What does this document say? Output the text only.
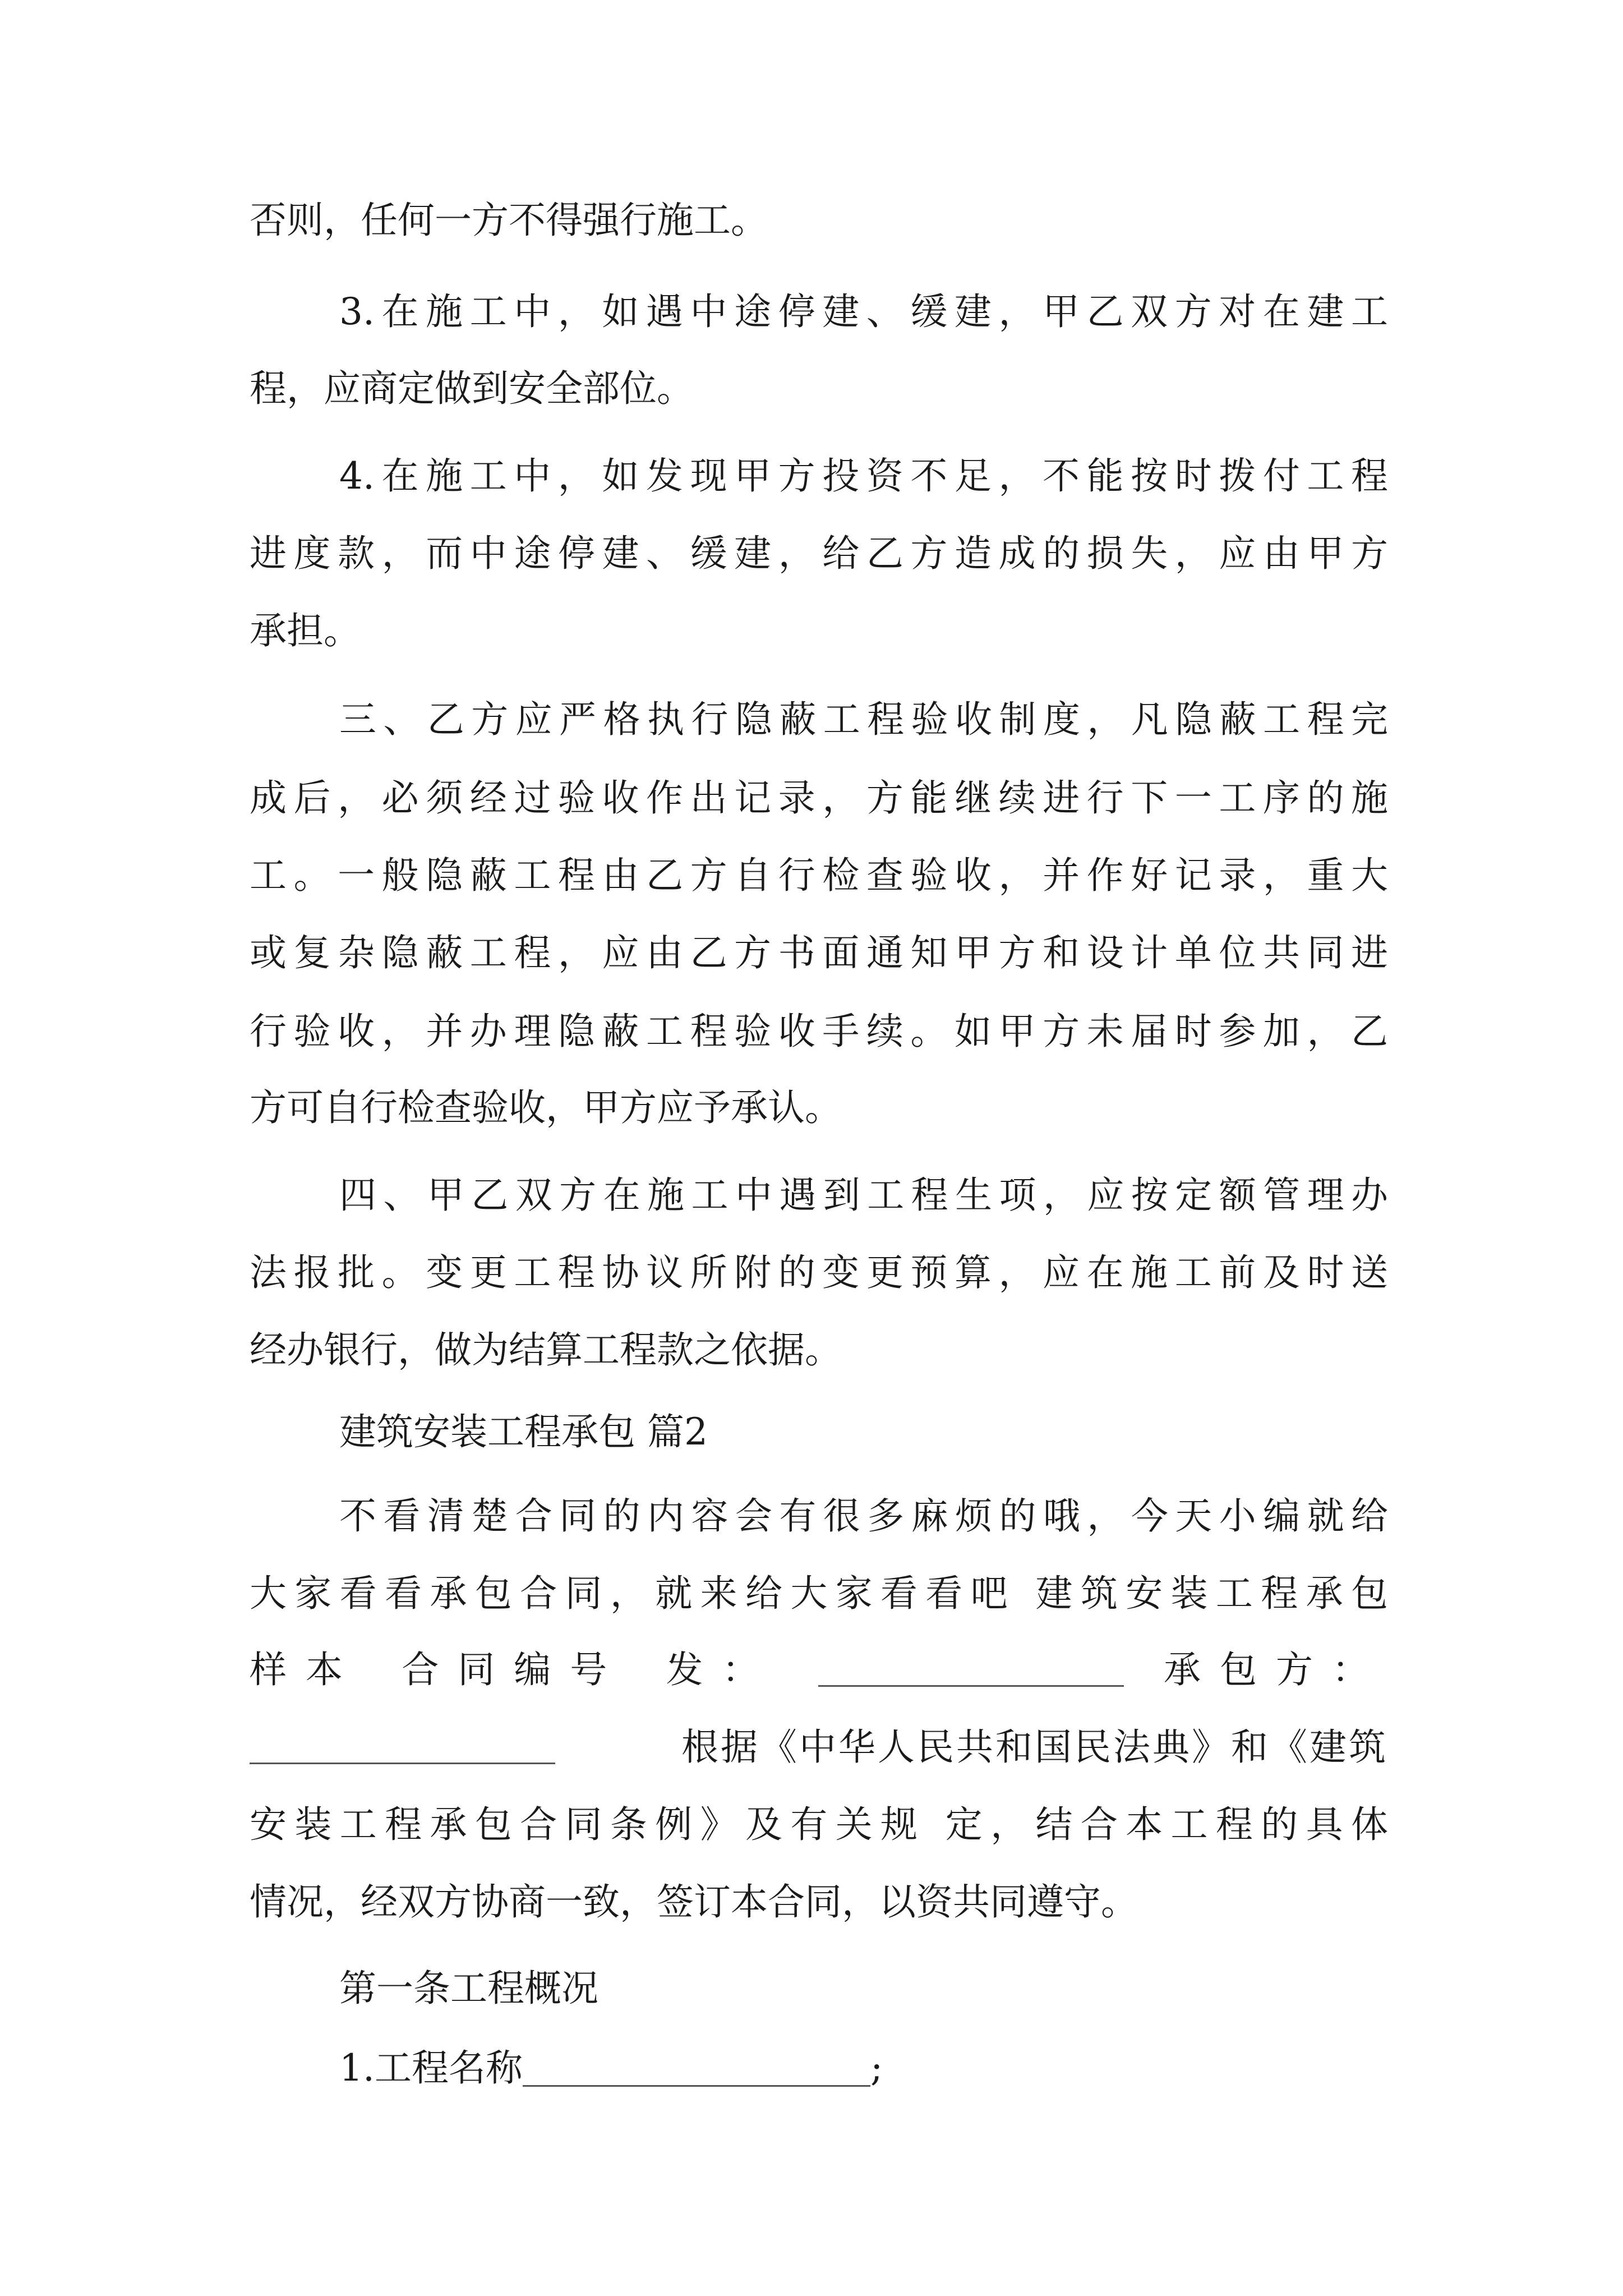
否则，任何一方不得强行施工。
3.在施工中，如遇中途停建、缓建，甲乙双方对在建工
程，应商定做到安全部位。
4.在施工中，如发现甲方投资不足，不能按时拨付工程
进度款，而中途停建、缓建，给乙方造成的损失，应由甲方
承担。
三、乙方应严格执行隐蔽工程验收制度，凡隐蔽工程完
成后，必须经过验收作出记录，方能继续进行下一工序的施
工。一般隐蔽工程由乙方自行检查验收，并作好记录，重大
或复杂隐蔽工程，应由乙方书面通知甲方和设计单位共同进
行验收，并办理隐蔽工程验收手续。如甲方未届时参加，乙
方可自行检查验收，甲方应予承认。
四、甲乙双方在施工中遇到工程生项，应按定额管理办
法报批。变更工程协议所附的变更预算，应在施工前及时送
经办银行，做为结算工程款之依据。
建筑安装工程承包 篇2
不看清楚合同的内容会有很多麻烦的哦，今天小编就给
大家看看承包合同，就来给大家看看吧 建筑安装工程承包
样本 合同编号 发：	承包方：
根据《中华人民共和国民法典》和《建筑
安装工程承包合同条例》及有关规 定，结合本工程的具体
情况，经双方协商一致，签订本合同，以资共同遵守。
第一条工程概况
1.工程名称	;
